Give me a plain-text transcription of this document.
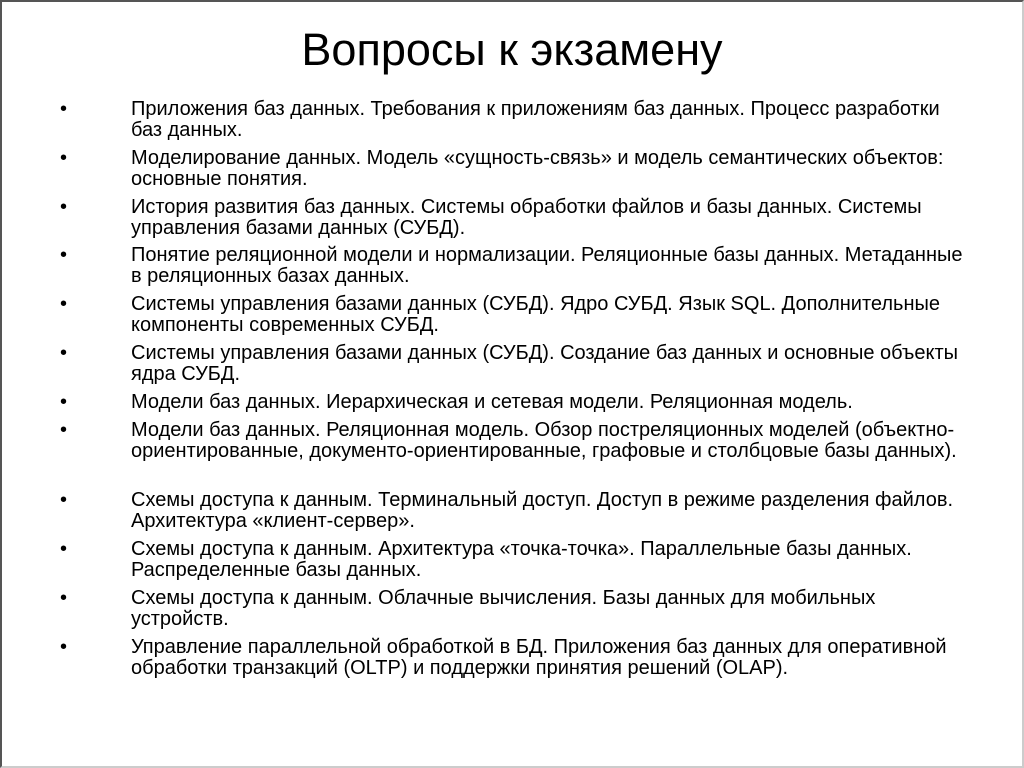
Вопросы к экзамену
•	Приложения баз данных. Требования к приложениям баз данных. Процесс разработки баз данных.
•	Моделирование данных. Модель «сущность-связь» и модель семантических объектов: основные понятия.
•	История развития баз данных. Системы обработки файлов и базы данных. Системы управления базами данных (СУБД).
•	Понятие реляционной модели и нормализации. Реляционные базы данных. Метаданные в реляционных базах данных.
•	Системы управления базами данных (СУБД). Ядро СУБД. Язык SQL. Дополнительные компоненты современных СУБД.
•	Системы управления базами данных (СУБД). Создание баз данных и основные объекты ядра СУБД.
•	Модели баз данных. Иерархическая и сетевая модели. Реляционная модель.
•	Модели баз данных. Реляционная модель. Обзор постреляционных моделей (объектно-ориентированные, документо-ориентированные, графовые и столбцовые базы данных).
•	Схемы доступа к данным. Терминальный доступ. Доступ в режиме разделения файлов. Архитектура «клиент-сервер».
•	Схемы доступа к данным. Архитектура «точка-точка». Параллельные базы данных. Распределенные базы данных.
•	Схемы доступа к данным. Облачные вычисления. Базы данных для мобильных устройств.
•	Управление параллельной обработкой в БД. Приложения баз данных для оперативной обработки транзакций (OLTP) и поддержки принятия решений (OLAP).
